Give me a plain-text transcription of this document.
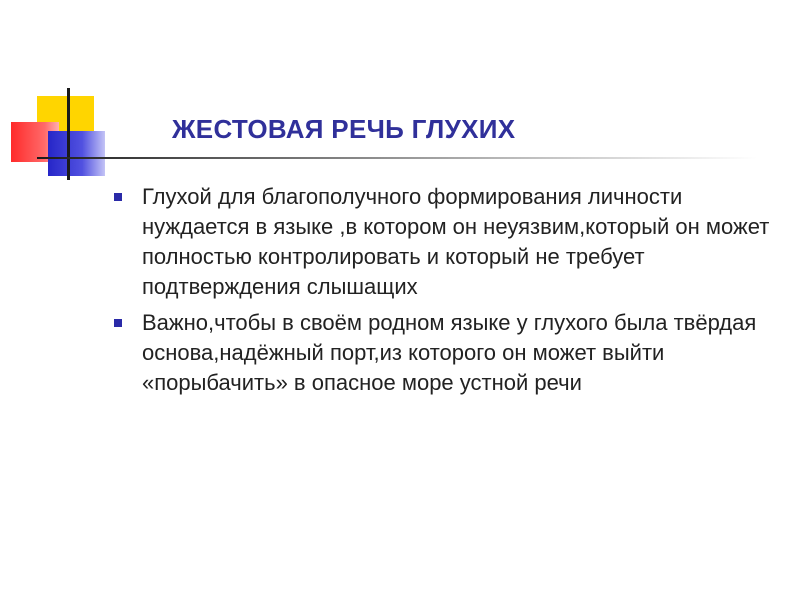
ЖЕСТОВАЯ РЕЧЬ ГЛУХИХ
Глухой для благополучного формирования личности нуждается в языке ,в котором он неуязвим,который он может полностью контролировать и который не требует подтверждения слышащих
Важно,чтобы в своём родном языке у глухого была твёрдая основа,надёжный порт,из которого он может выйти «порыбачить» в опасное море устной речи
